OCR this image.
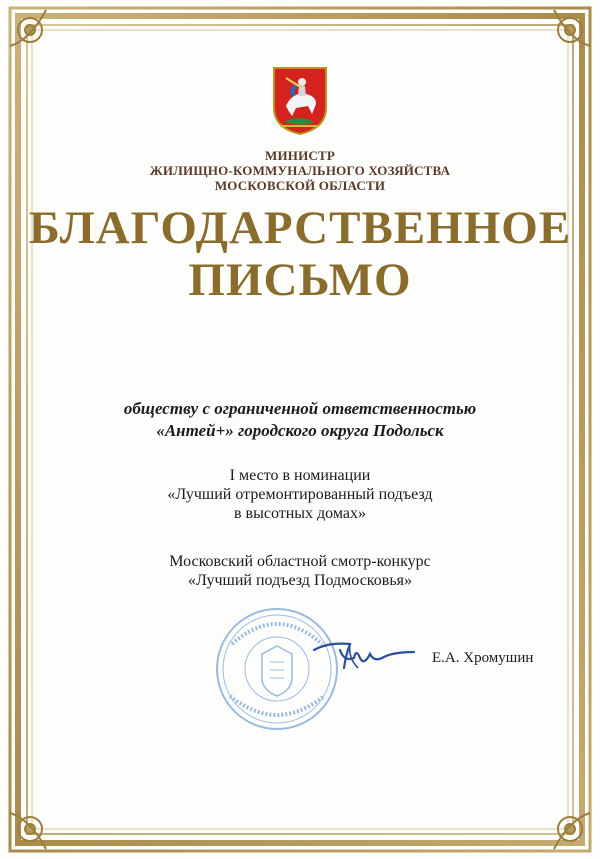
МИНИСТР
ЖИЛИЩНО-КОММУНАЛЬНОГО ХОЗЯЙСТВА
МОСКОВСКОЙ ОБЛАСТИ
БЛАГОДАРСТВЕННОЕ
ПИСЬМО
обществу с ограниченной ответственностью
«Антей+» городского округа Подольск
I место в номинации
«Лучший отремонтированный подъезд
в высотных домах»
Московский областной смотр-конкурс
«Лучший подъезд Подмосковья»
Е.А. Хромушин
